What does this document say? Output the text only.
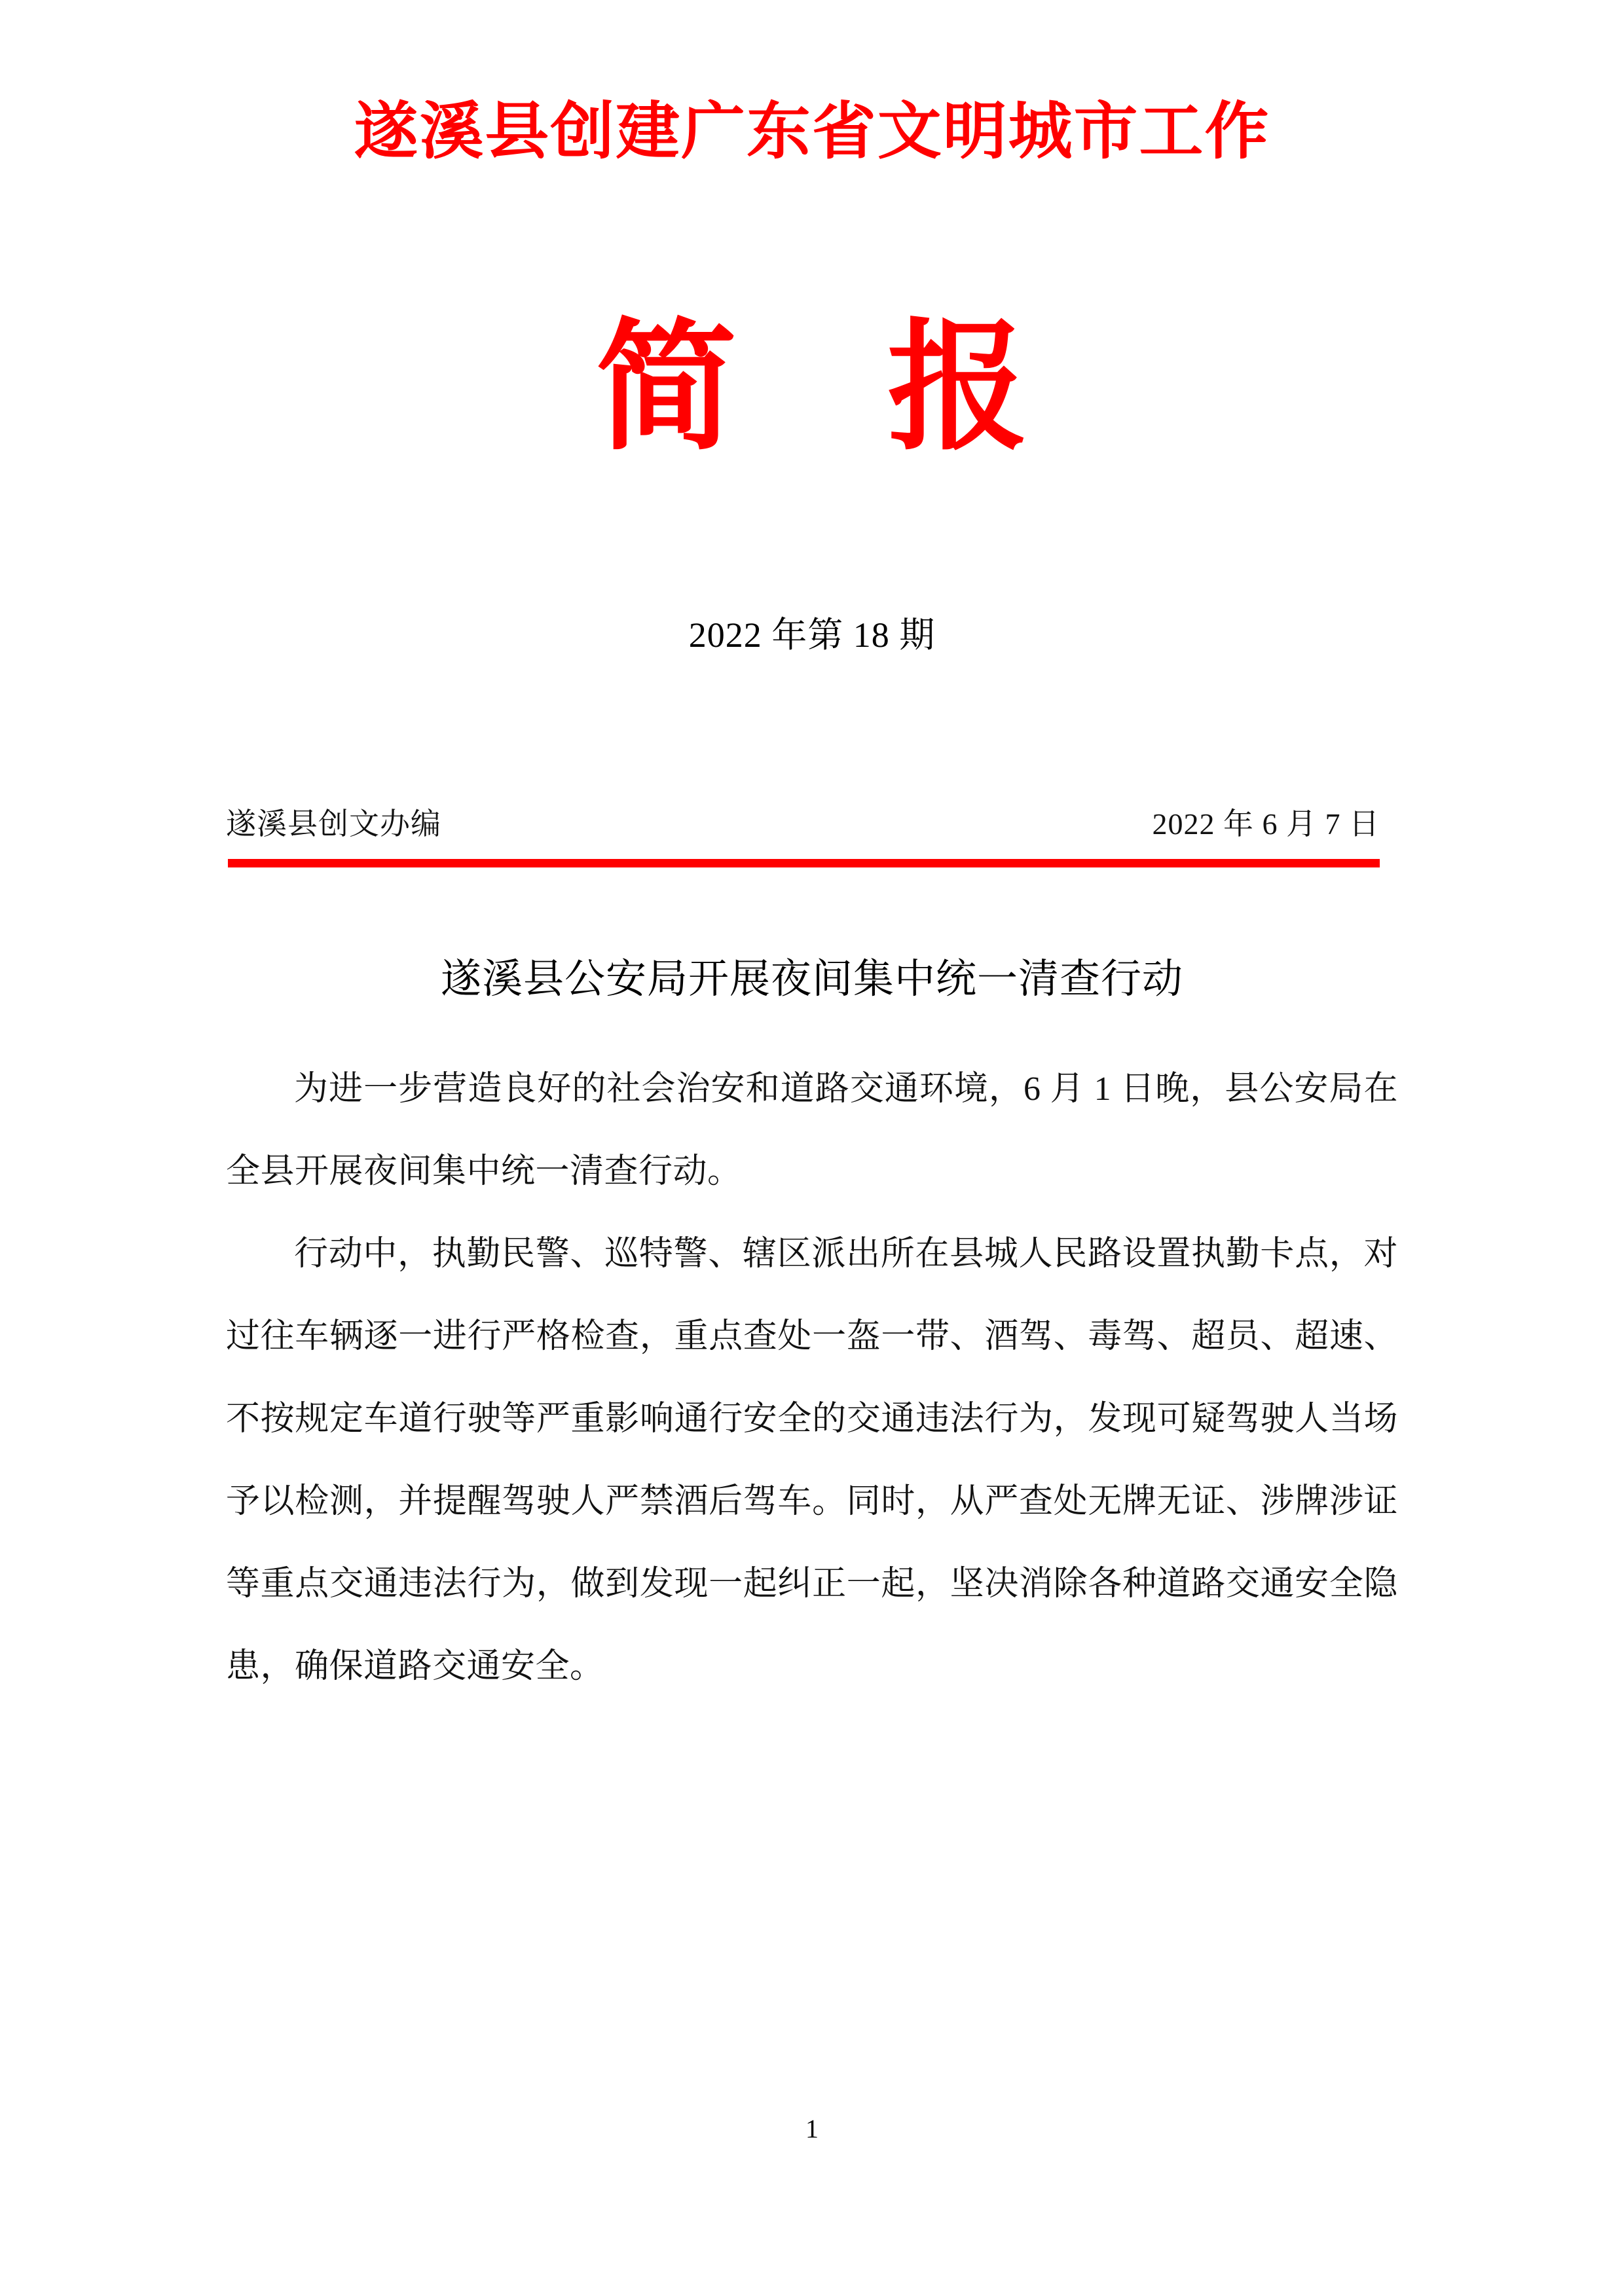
遂溪县创建广东省文明城市工作
简报
2022 年第 18 期
遂溪县创文办编	2022 年 6 月 7 日
遂溪县公安局开展夜间集中统一清查行动

为进一步营造良好的社会治安和道路交通环境，6 月 1 日晚，县公安局在全县开展夜间集中统一清查行动。

行动中，执勤民警、巡特警、辖区派出所在县城人民路设置执勤卡点，对过往车辆逐一进行严格检查，重点查处一盔一带、酒驾、毒驾、超员、超速、不按规定车道行驶等严重影响通行安全的交通违法行为，发现可疑驾驶人当场予以检测，并提醒驾驶人严禁酒后驾车。同时，从严查处无牌无证、涉牌涉证等重点交通违法行为，做到发现一起纠正一起，坚决消除各种道路交通安全隐患，确保道路交通安全。

1
